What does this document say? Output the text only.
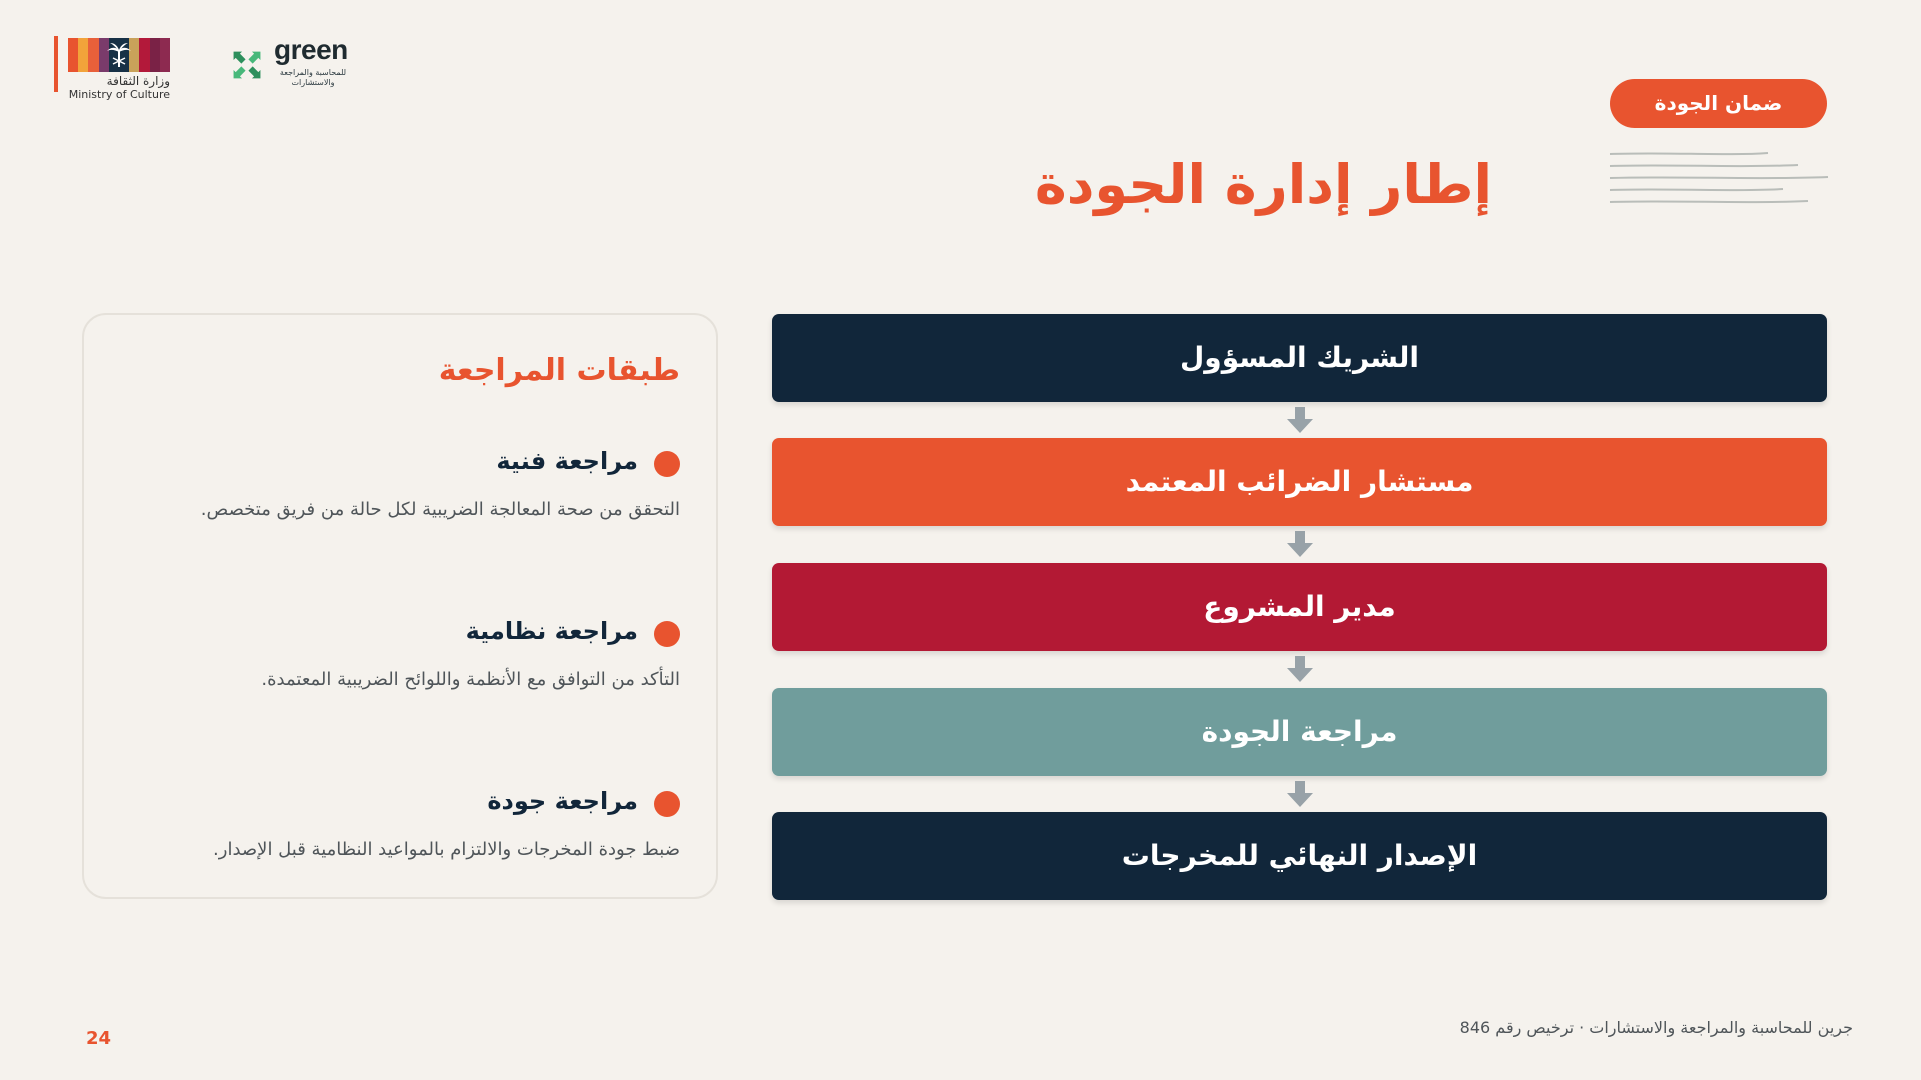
وزارة الثقافة
Ministry of Culture
green
للمحاسبة والمراجعة والاستشارات
ضمان الجودة
إطار إدارة الجودة
طبقات المراجعة
مراجعة فنية
التحقق من صحة المعالجة الضريبية لكل حالة من فريق متخصص.
مراجعة نظامية
التأكد من التوافق مع الأنظمة واللوائح الضريبية المعتمدة.
مراجعة جودة
ضبط جودة المخرجات والالتزام بالمواعيد النظامية قبل الإصدار.
الشريك المسؤول
مستشار الضرائب المعتمد
مدير المشروع
مراجعة الجودة
الإصدار النهائي للمخرجات
24
جرين للمحاسبة والمراجعة والاستشارات · ترخيص رقم 846
